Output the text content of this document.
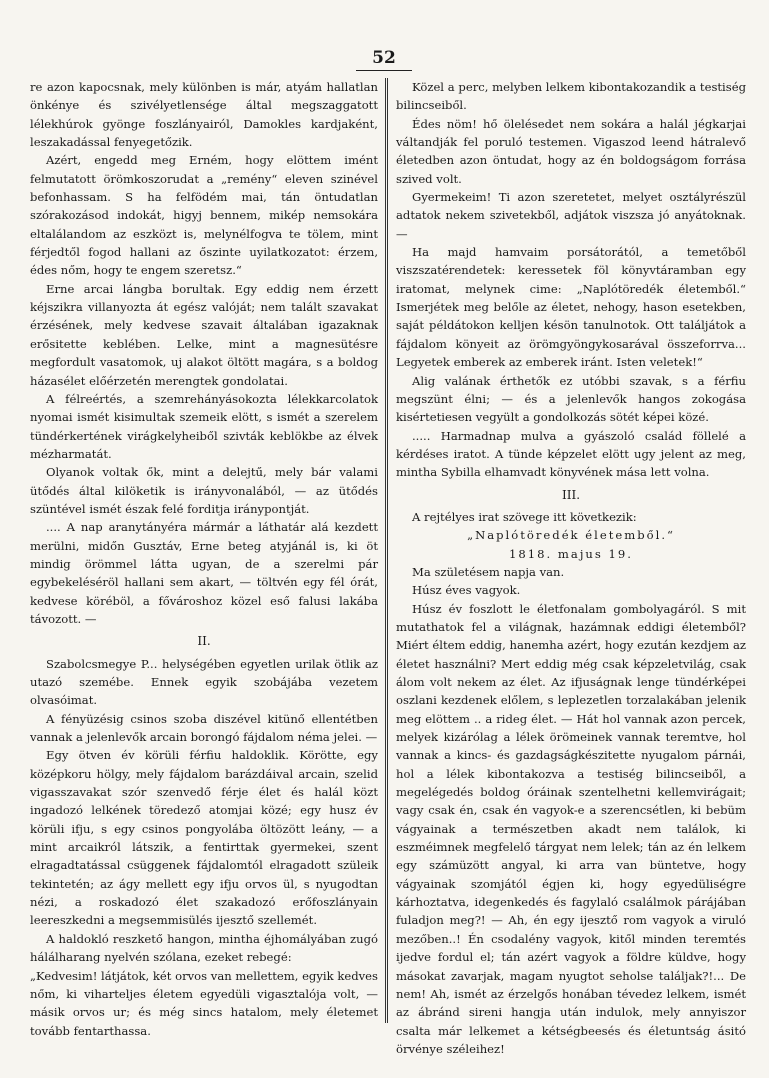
52

re azon kapocsnak, mely különben is már, atyám hallatlan önkénye és szivélyetlensége által megszaggatott lélekhúrok gyönge foszlányairól, Damokles kardjaként, leszakadással fenyegetőzik.

Azért, engedd meg Erném, hogy elöttem imént felmutatott örömkoszorudat a „remény“ eleven szinével befonhassam. S ha felfödém mai, tán öntudatlan szórakozásod indokát, higyj bennem, mikép nemsokára eltalálandom az eszközt is, melynélfogva te tölem, mint férjedtől fogod hallani az őszinte uyilatkozatot: érzem, édes nőm, hogy te engem szeretsz.“

Erne arcai lángba borultak. Egy eddig nem érzett kéjszikra villanyozta át egész valóját; nem talált szavakat érzésének, mely kedvese szavait általában igazaknak erősitette keblében. Lelke, mint a magnesütésre megfordult vasatomok, uj alakot öltött magára, s a boldog házasélet előérzetén merengtek gondolatai.

A félreértés, a szemrehányásokozta lélekkarcolatok nyomai ismét kisimultak szemeik elött, s ismét a szerelem tündérkertének virágkelyheiből szivták keblökbe az élvek mézharmatát.

Olyanok voltak ők, mint a delejtű, mely bár valami ütődés által kilöketik is irányvonalából, — az ütődés szüntével ismét észak felé forditja iránypontját.

.... A nap aranytányéra mármár a láthatár alá kezdett merülni, midőn Gusztáv, Erne beteg atyjánál is, ki öt mindig örömmel látta ugyan, de a szerelmi pár egybekeléséröl hallani sem akart, — töltvén egy fél órát, kedvese köréböl, a fővároshoz közel eső falusi lakába távozott. —

II.

Szabolcsmegye P... helységében egyetlen urilak ötlik az utazó szemébe. Ennek egyik szobájába vezetem olvasóimat.

A fényüzésig csinos szoba diszével kitünő ellentétben vannak a jelenlevők arcain borongó fájdalom néma jelei. —

Egy ötven év körüli férfiu haldoklik. Körötte, egy középkoru hölgy, mely fájdalom barázdáival arcain, szelid vigasszavakat szór szenvedő férje élet és halál közt ingadozó lelkének töredező atomjai közé; egy husz év körüli ifju, s egy csinos pongyolába öltözött leány, — a mint arcaikról látszik, a fentirttak gyermekei, szent elragadtatással csüggenek fájdalomtól elragadott szüleik tekintetén; az ágy mellett egy ifju orvos ül, s nyugodtan nézi, a roskadozó élet szakadozó erőfoszlányain leereszkedni a megsemmisülés ijesztő szellemét.

A haldokló reszkető hangon, mintha éjhomályában zugó hálálharang nyelvén szólana, ezeket rebegé:

„Kedvesim! látjátok, két orvos van mellettem, egyik kedves nőm, ki viharteljes életem egyedüli vigasztalója volt, — másik orvos ur; és még sincs hatalom, mely életemet tovább fentarthassa.

Közel a perc, melyben lelkem kibontakozandik a testiség bilincseiből.

Édes nöm! hő ölelésedet nem sokára a halál jégkarjai váltandják fel poruló testemen. Vigaszod leend hátralevő életedben azon öntudat, hogy az én boldogságom forrása szived volt.

Gyermekeim! Ti azon szeretetet, melyet osztályrészül adtatok nekem szivetekből, adjátok viszsza jó anyátoknak. —

Ha majd hamvaim porsátorától, a temetőből viszszatérendetek: keressetek föl könyvtáramban egy iratomat, melynek cime: „Naplótöredék életemből.“ Ismerjétek meg belőle az életet, nehogy, hason esetekben, saját példátokon kelljen késön tanulnotok. Ott találjátok a fájdalom könyeit az örömgyöngykosarával összeforrva... Legyetek emberek az emberek iránt. Isten veletek!“

Alig valának érthetők ez utóbbi szavak, s a férfiu megszünt élni; — és a jelenlevők hangos zokogása kisértetiesen vegyült a gondolkozás sötét képei közé.

..... Harmadnap mulva a gyászoló család föllelé a kérdéses iratot. A tünde képzelet elött ugy jelent az meg, mintha Sybilla elhamvadt könyvének mása lett volna.

III.

A rejtélyes irat szövege itt következik:

„Naplótöredék életemből.“

1818. majus 19.

Ma születésem napja van.

Húsz éves vagyok.

Húsz év foszlott le életfonalam gombolyagáról. S mit mutathatok fel a világnak, hazámnak eddigi életemből? Miért éltem eddig, hanemha azért, hogy ezután kezdjem az életet használni? Mert eddig még csak képzeletvilág, csak álom volt nekem az élet. Az ifjuságnak lenge tündérképei oszlani kezdenek előlem, s leplezetlen torzalakában jelenik meg elöttem .. a rideg élet. — Hát hol vannak azon percek, melyek kizárólag a lélek örömeinek vannak teremtve, hol vannak a kincs- és gazdagságkészitette nyugalom párnái, hol a lélek kibontakozva a testiség bilincseiből, a megelégedés boldog óráinak szentelhetni kellemvirágait; vagy csak én, csak én vagyok-e a szerencsétlen, ki bebüm vágyainak a természetben akadt nem találok, ki eszméimnek megfelelő tárgyat nem lelek; tán az én lelkem egy számüzött angyal, ki arra van büntetve, hogy vágyainak szomjától égjen ki, hogy egyedüliségre kárhoztatva, idegenkedés és fagylaló csalálmok párájában fuladjon meg?! — Ah, én egy ijesztő rom vagyok a viruló mezőben..! Én csodalény vagyok, kitől minden teremtés ijedve fordul el; tán azért vagyok a földre küldve, hogy másokat zavarjak, magam nyugtot seholse találjak?!... De nem! Ah, ismét az érzelgős honában tévedez lelkem, ismét az ábránd sireni hangja után indulok, mely annyiszor csalta már lelkemet a kétségbeesés és életuntság ásitó örvénye széleihez!
